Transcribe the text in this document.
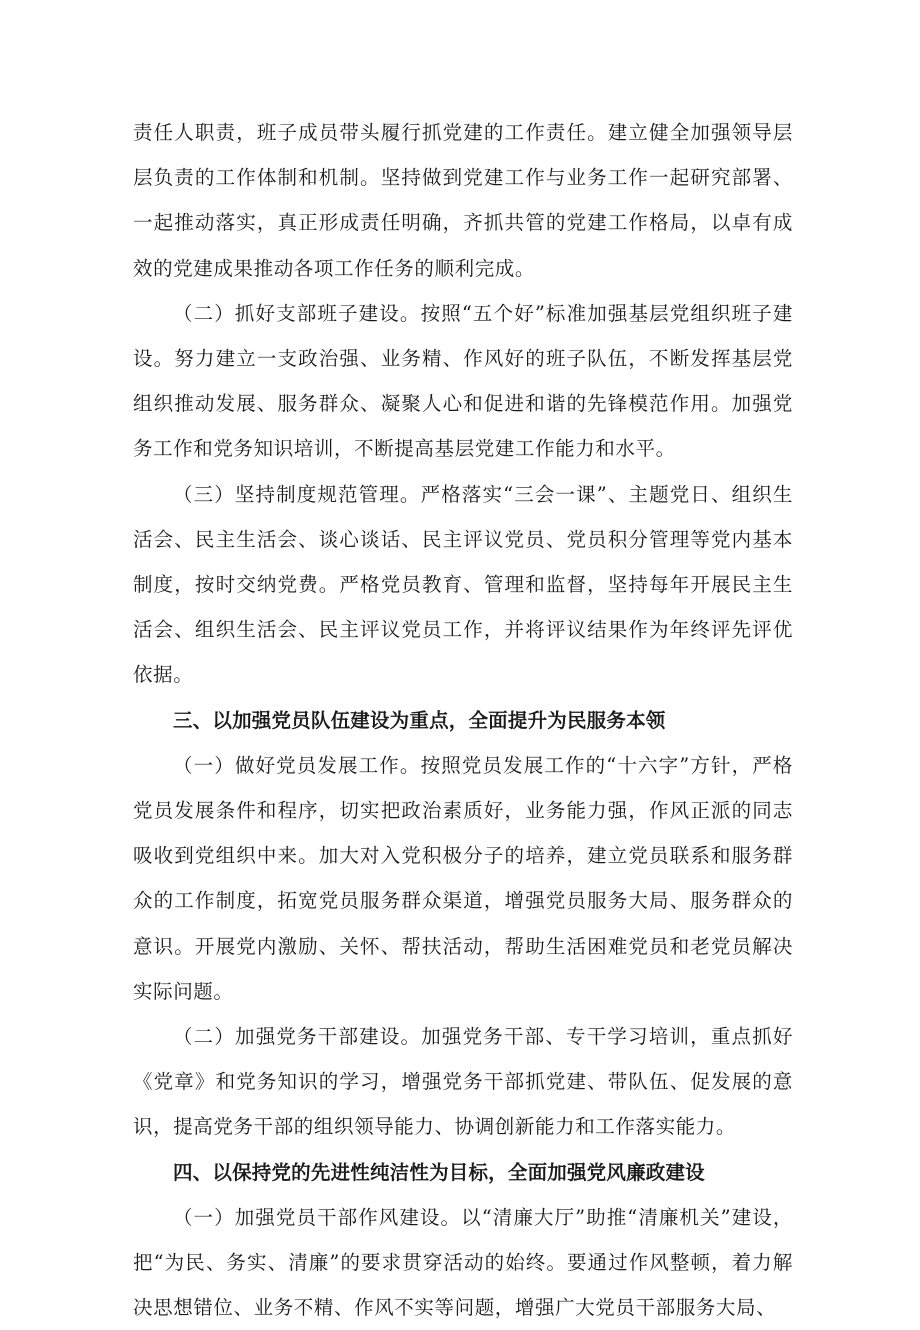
责任人职责，班子成员带头履行抓党建的工作责任。建立健全加强领导层层负责的工作体制和机制。坚持做到党建工作与业务工作一起研究部署、一起推动落实，真正形成责任明确，齐抓共管的党建工作格局，以卓有成效的党建成果推动各项工作任务的顺利完成。

（二）抓好支部班子建设。按照“五个好”标准加强基层党组织班子建设。努力建立一支政治强、业务精、作风好的班子队伍，不断发挥基层党组织推动发展、服务群众、凝聚人心和促进和谐的先锋模范作用。加强党务工作和党务知识培训，不断提高基层党建工作能力和水平。

（三）坚持制度规范管理。严格落实“三会一课”、主题党日、组织生活会、民主生活会、谈心谈话、民主评议党员、党员积分管理等党内基本制度，按时交纳党费。严格党员教育、管理和监督，坚持每年开展民主生活会、组织生活会、民主评议党员工作，并将评议结果作为年终评先评优依据。

三、以加强党员队伍建设为重点，全面提升为民服务本领

（一）做好党员发展工作。按照党员发展工作的“十六字”方针，严格党员发展条件和程序，切实把政治素质好，业务能力强，作风正派的同志吸收到党组织中来。加大对入党积极分子的培养，建立党员联系和服务群众的工作制度，拓宽党员服务群众渠道，增强党员服务大局、服务群众的意识。开展党内激励、关怀、帮扶活动，帮助生活困难党员和老党员解决实际问题。

（二）加强党务干部建设。加强党务干部、专干学习培训，重点抓好《党章》和党务知识的学习，增强党务干部抓党建、带队伍、促发展的意识，提高党务干部的组织领导能力、协调创新能力和工作落实能力。

四、以保持党的先进性纯洁性为目标，全面加强党风廉政建设

（一）加强党员干部作风建设。以“清廉大厅”助推“清廉机关”建设，把“为民、务实、清廉”的要求贯穿活动的始终。要通过作风整顿，着力解决思想错位、业务不精、作风不实等问题，增强广大党员干部服务大局、
